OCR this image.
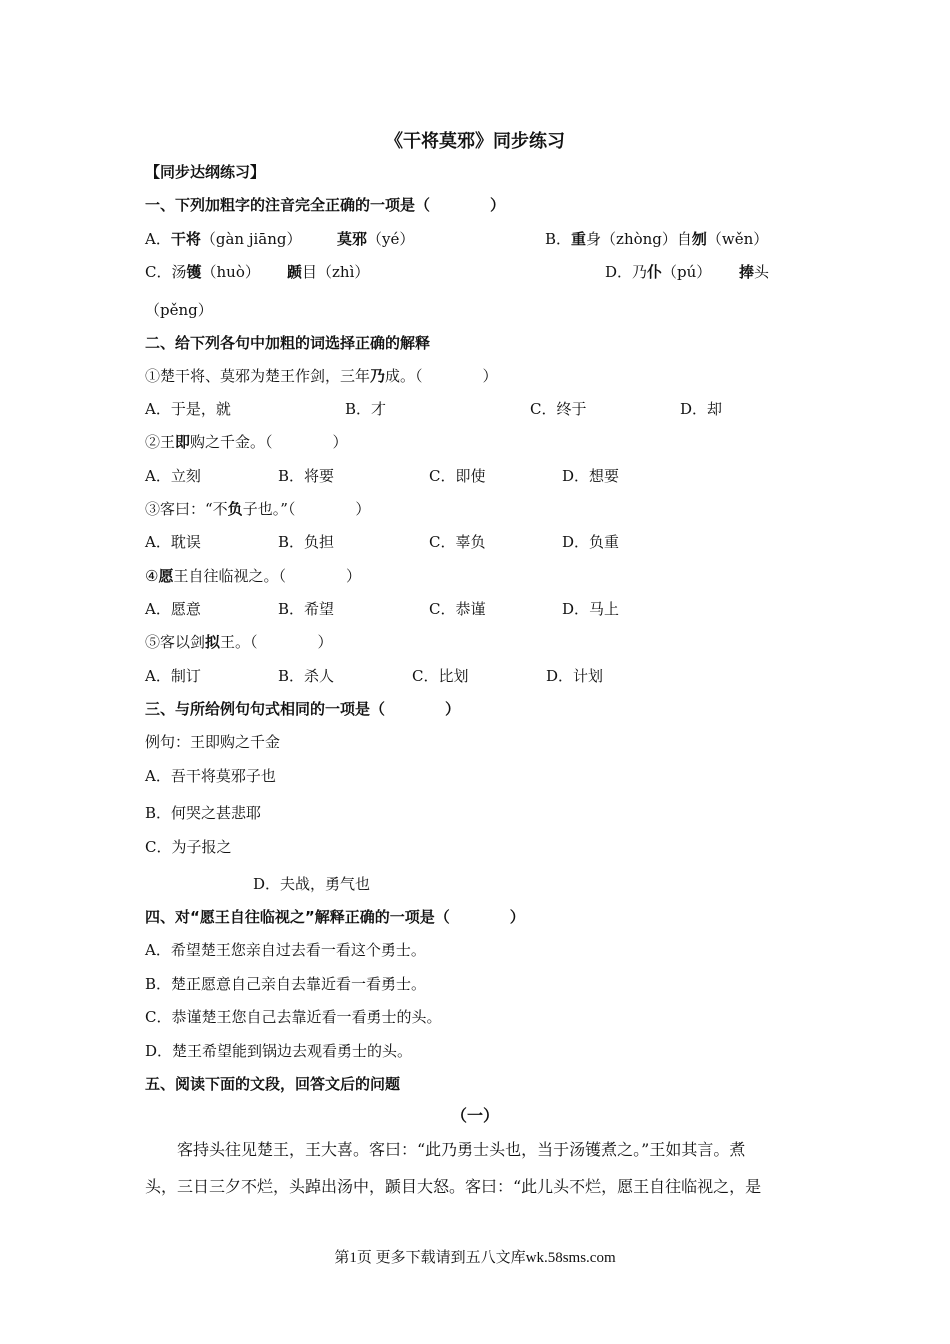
《干将莫邪》同步练习
【同步达纲练习】
一、下列加粗字的注音完全正确的一项是（　　　　）
A．干将（gàn jiāng） 莫邪（yé）	B．重身（zhòng）自刎（wěn）
C．汤镬（huò） 踬目（zhì）	D．乃仆（pú） 捧头
（pěng）
二、给下列各句中加粗的词选择正确的解释
①楚干将、莫邪为楚王作剑，三年乃成。（　　　　）
A．于是，就	B．才	C．终于	D．却
②王即购之千金。（　　　　）
A．立刻	B．将要	C．即使	D．想要
③客曰：“不负子也。”（　　　　）
A．耽误	B．负担	C．辜负	D．负重
④愿王自往临视之。（　　　　）
A．愿意	B．希望	C．恭谨	D．马上
⑤客以剑拟王。（　　　　）
A．制订	B．杀人	C．比划	D．计划
三、与所给例句句式相同的一项是（　　　　）
例句：王即购之千金
A．吾干将莫邪子也
B．何哭之甚悲耶
C．为子报之
D．夫战，勇气也
四、对“愿王自往临视之”解释正确的一项是（　　　　）
A．希望楚王您亲自过去看一看这个勇士。
B．楚正愿意自己亲自去靠近看一看勇士。
C．恭谨楚王您自己去靠近看一看勇士的头。
D．楚王希望能到锅边去观看勇士的头。
五、阅读下面的文段，回答文后的问题
（一）
　　客持头往见楚王，王大喜。客曰：“此乃勇士头也，当于汤镬煮之。”王如其言。煮
头，三日三夕不烂，头踔出汤中，踬目大怒。客曰：“此儿头不烂，愿王自往临视之，是
第1页 更多下载请到五八文库wk.58sms.com
